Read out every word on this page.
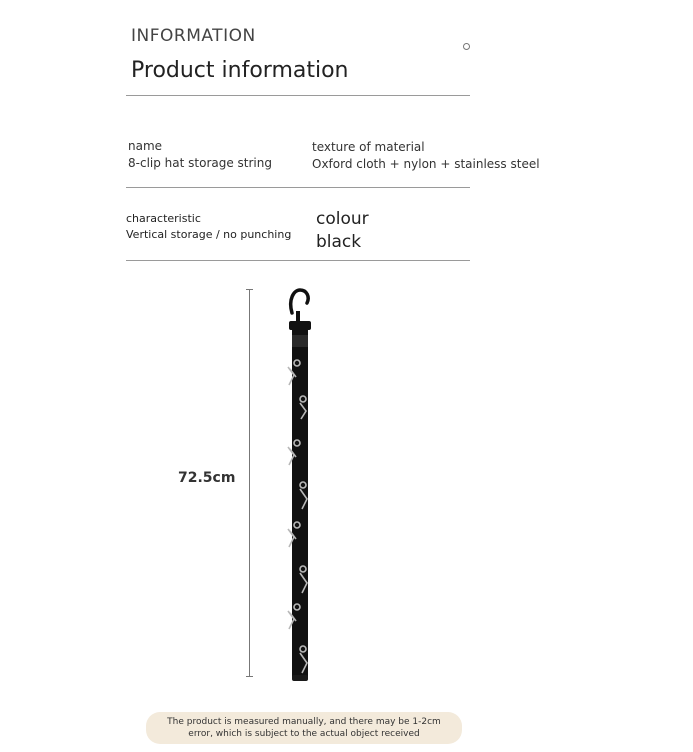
INFORMATION
Product information
name
8-clip hat storage string
texture of material
Oxford cloth + nylon + stainless steel
characteristic
Vertical storage / no punching
colour
black
72.5cm
The product is measured manually, and there may be 1-2cm
error, which is subject to the actual object received
